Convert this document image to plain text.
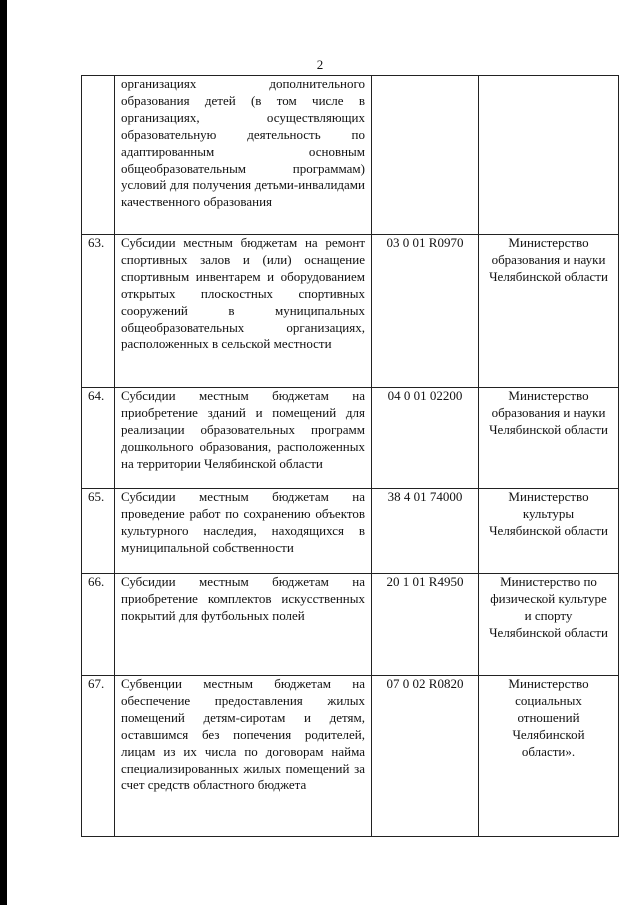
2
	организациях дополнительного образования детей (в том числе в организациях, осуществляющих образовательную деятельность по адаптированным основным общеобразовательным программам) условий для получения детьми-инвалидами качественного образования		
63.	Субсидии местным бюджетам на ремонт спортивных залов и (или) оснащение спортивным инвентарем и оборудованием открытых плоскостных спортивных сооружений в муниципальных общеобразовательных организациях, расположенных в сельской местности	03 0 01 R0970	Министерство образования и науки Челябинской области
64.	Субсидии местным бюджетам на приобретение зданий и помещений для реализации образовательных программ дошкольного образования, расположенных на территории Челябинской области	04 0 01 02200	Министерство образования и науки Челябинской области
65.	Субсидии местным бюджетам на проведение работ по сохранению объектов культурного наследия, находящихся в муниципальной собственности	38 4 01 74000	Министерство культуры Челябинской области
66.	Субсидии местным бюджетам на приобретение комплектов искусственных покрытий для футбольных полей	20 1 01 R4950	Министерство по физической культуре и спорту Челябинской области
67.	Субвенции местным бюджетам на обеспечение предоставления жилых помещений детям-сиротам и детям, оставшимся без попечения родителей, лицам из их числа по договорам найма специализированных жилых помещений за счет средств областного бюджета	07 0 02 R0820	Министерство социальных отношений Челябинской области».
